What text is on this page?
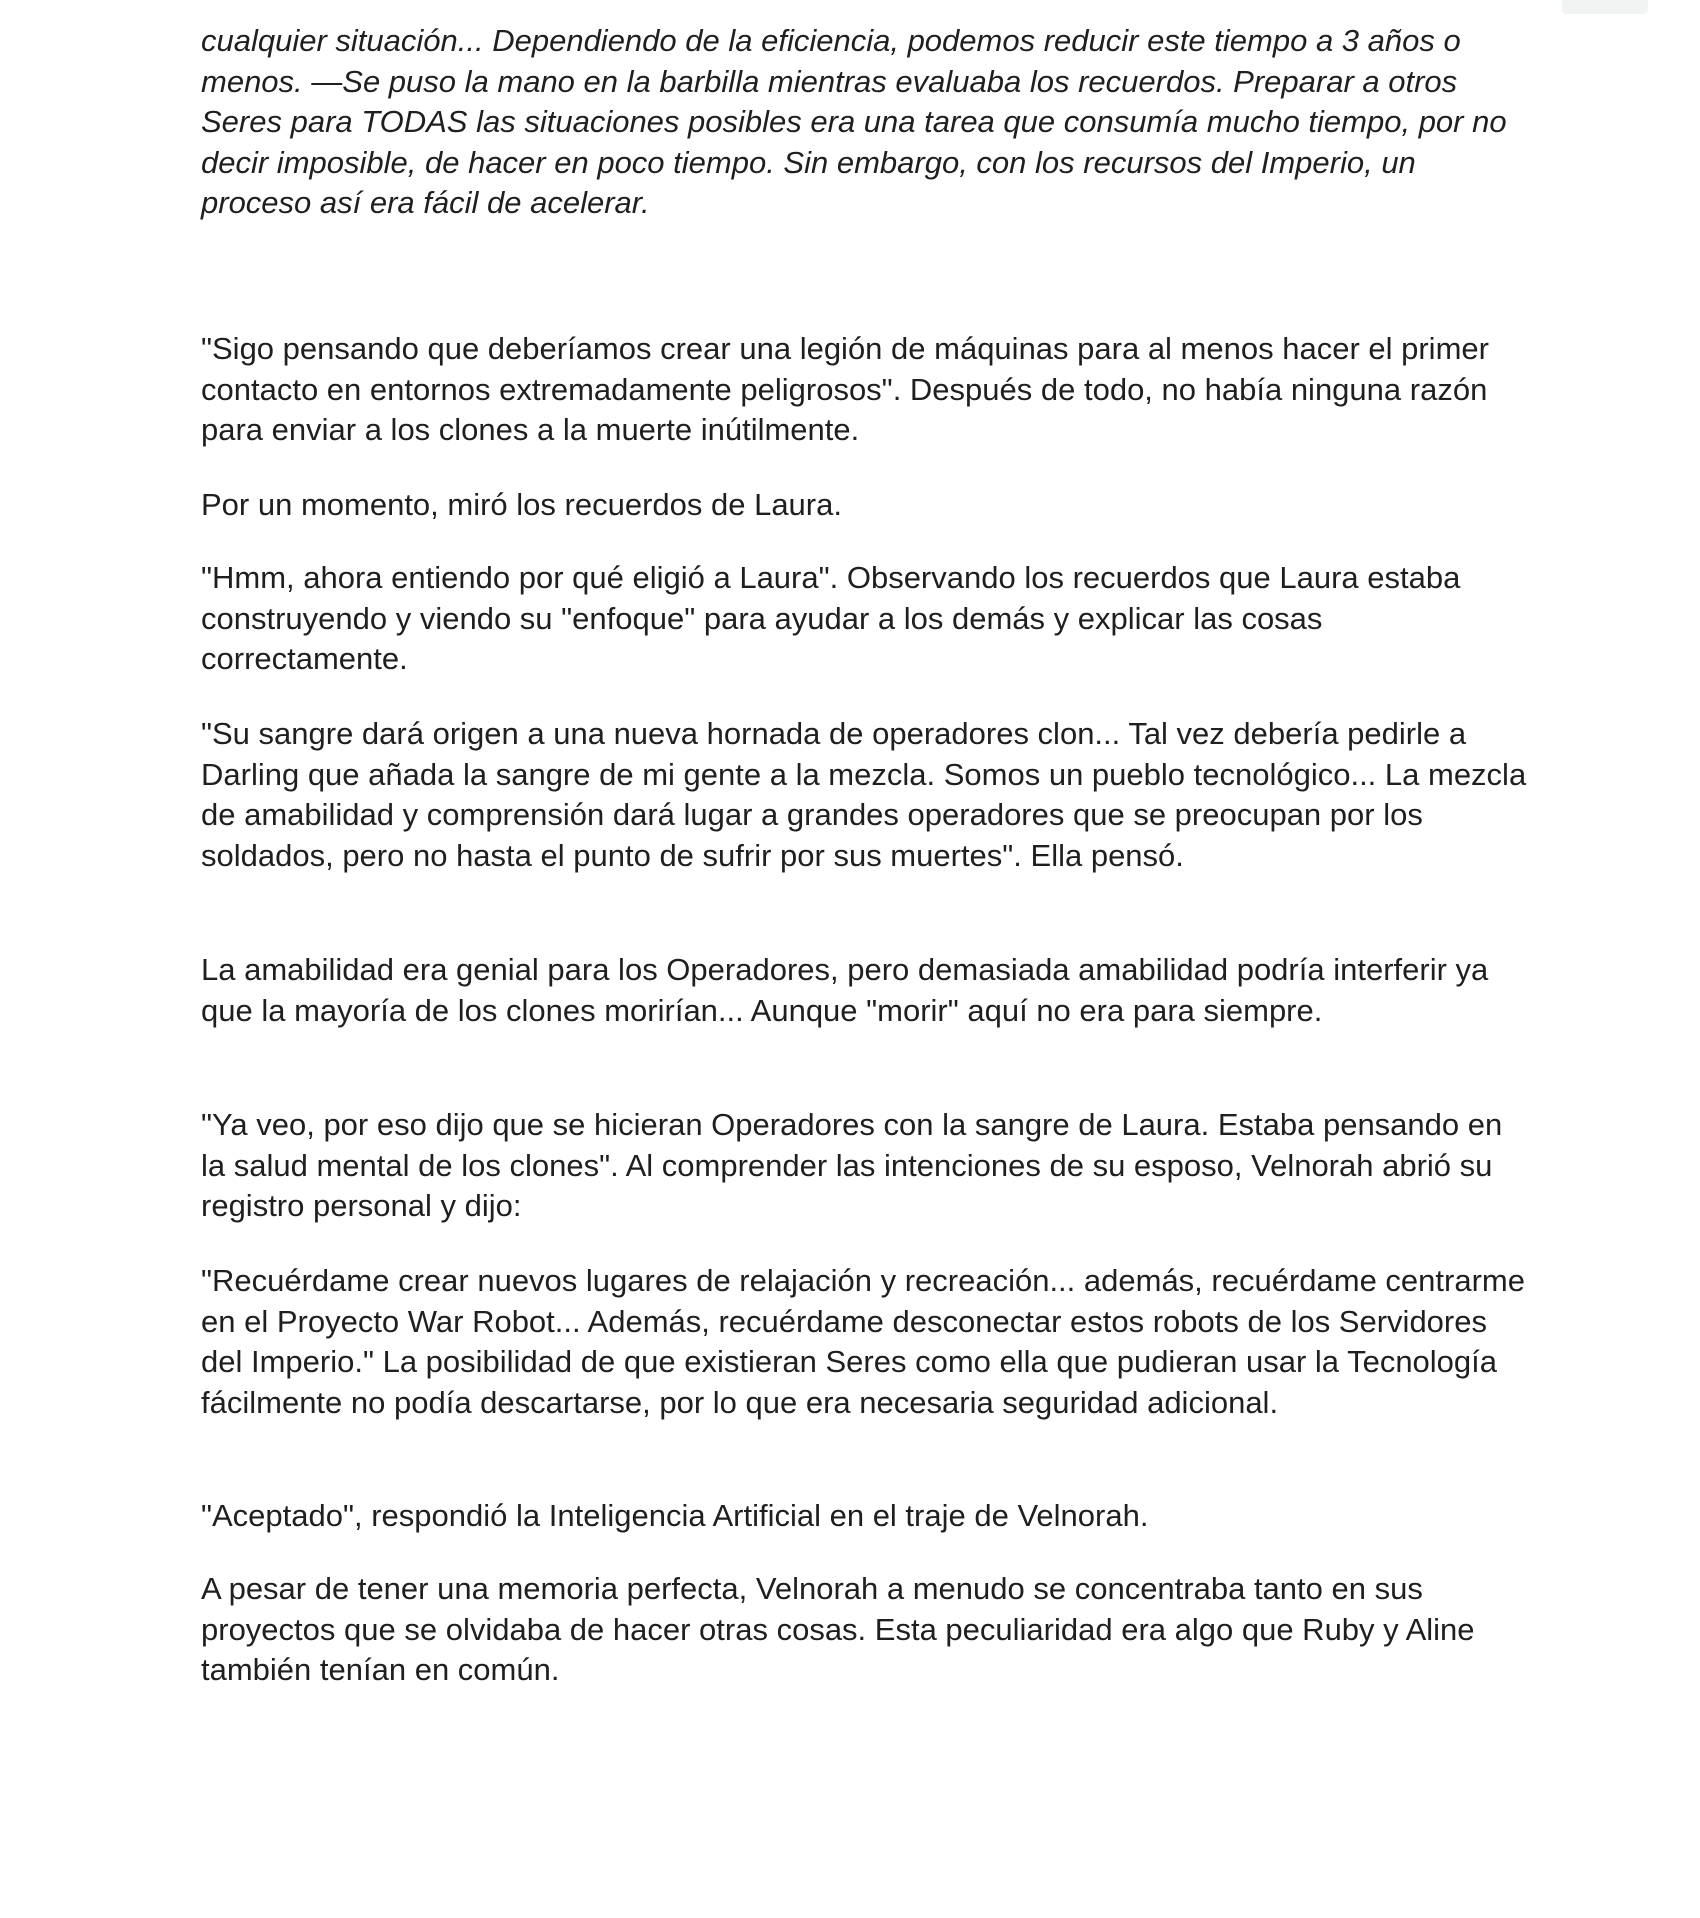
cualquier situación... Dependiendo de la eficiencia, podemos reducir este tiempo a 3 años o menos. —Se puso la mano en la barbilla mientras evaluaba los recuerdos. Preparar a otros Seres para TODAS las situaciones posibles era una tarea que consumía mucho tiempo, por no decir imposible, de hacer en poco tiempo. Sin embargo, con los recursos del Imperio, un proceso así era fácil de acelerar.

"Sigo pensando que deberíamos crear una legión de máquinas para al menos hacer el primer contacto en entornos extremadamente peligrosos". Después de todo, no había ninguna razón para enviar a los clones a la muerte inútilmente.

Por un momento, miró los recuerdos de Laura.

"Hmm, ahora entiendo por qué eligió a Laura". Observando los recuerdos que Laura estaba construyendo y viendo su "enfoque" para ayudar a los demás y explicar las cosas correctamente.

"Su sangre dará origen a una nueva hornada de operadores clon... Tal vez debería pedirle a Darling que añada la sangre de mi gente a la mezcla. Somos un pueblo tecnológico... La mezcla de amabilidad y comprensión dará lugar a grandes operadores que se preocupan por los soldados, pero no hasta el punto de sufrir por sus muertes". Ella pensó.

La amabilidad era genial para los Operadores, pero demasiada amabilidad podría interferir ya que la mayoría de los clones morirían... Aunque "morir" aquí no era para siempre.

"Ya veo, por eso dijo que se hicieran Operadores con la sangre de Laura. Estaba pensando en la salud mental de los clones". Al comprender las intenciones de su esposo, Velnorah abrió su registro personal y dijo:

"Recuérdame crear nuevos lugares de relajación y recreación... además, recuérdame centrarme en el Proyecto War Robot... Además, recuérdame desconectar estos robots de los Servidores del Imperio." La posibilidad de que existieran Seres como ella que pudieran usar la Tecnología fácilmente no podía descartarse, por lo que era necesaria seguridad adicional.

"Aceptado", respondió la Inteligencia Artificial en el traje de Velnorah.

A pesar de tener una memoria perfecta, Velnorah a menudo se concentraba tanto en sus proyectos que se olvidaba de hacer otras cosas. Esta peculiaridad era algo que Ruby y Aline también tenían en común.
